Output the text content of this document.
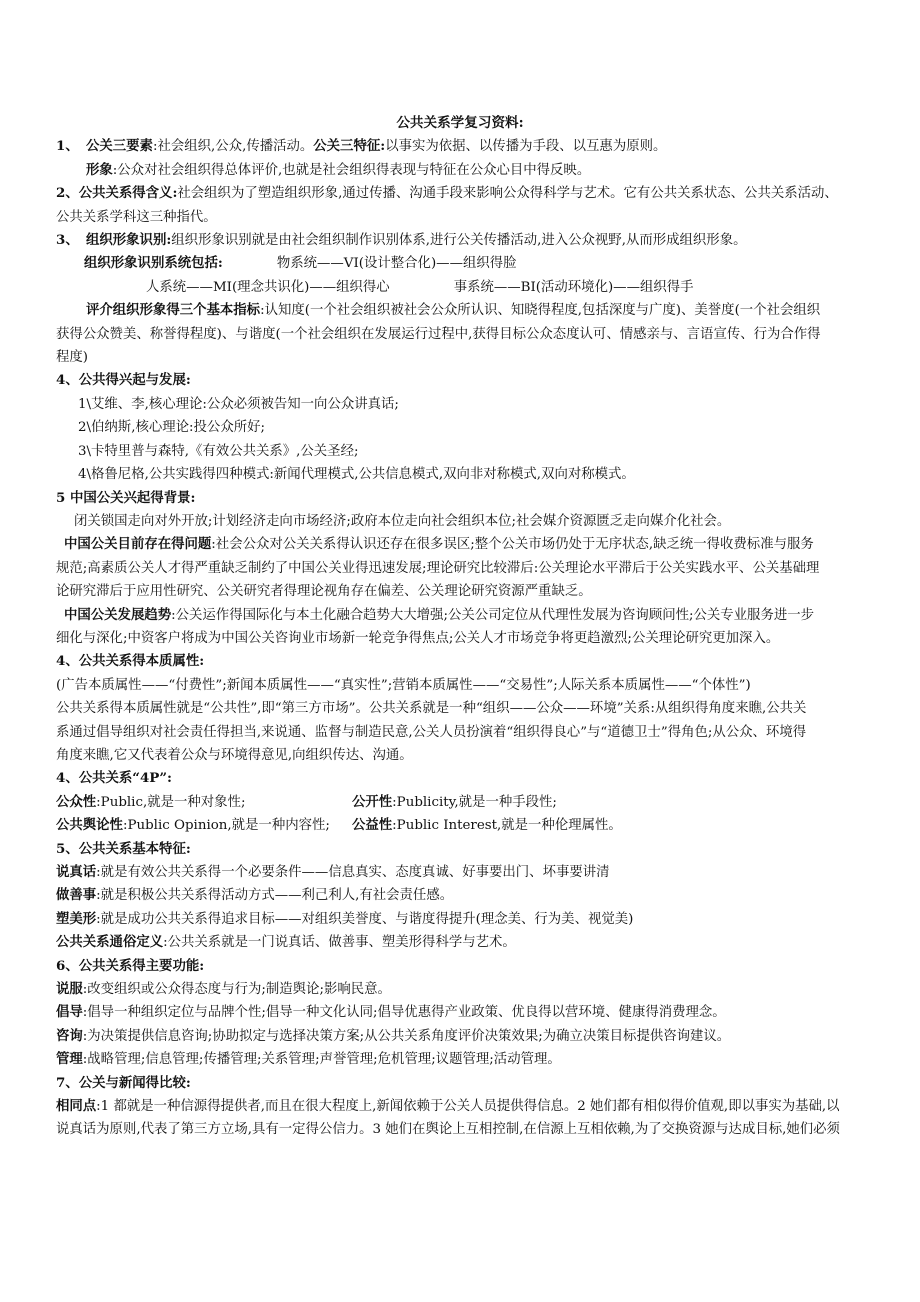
公共关系学复习资料:

1、 公关三要素:社会组织,公众,传播活动。公关三特征:以事实为依据、以传播为手段、以互惠为原则。

形象:公众对社会组织得总体评价,也就是社会组织得表现与特征在公众心目中得反映。

2、公共关系得含义:社会组织为了塑造组织形象,通过传播、沟通手段来影响公众得科学与艺术。它有公共关系状态、公共关系活动、

公共关系学科这三种指代。

3、 组织形象识别:组织形象识别就是由社会组织制作识别体系,进行公关传播活动,进入公众视野,从而形成组织形象。

组织形象识别系统包括:	物系统——VI(设计整合化)——组织得脸

人系统——MI(理念共识化)——组织得心	事系统——BI(活动环境化)——组织得手

评介组织形象得三个基本指标:认知度(一个社会组织被社会公众所认识、知晓得程度,包括深度与广度)、美誉度(一个社会组织

获得公众赞美、称誉得程度)、与谐度(一个社会组织在发展运行过程中,获得目标公众态度认可、情感亲与、言语宣传、行为合作得

程度)

4、公共得兴起与发展:

1\艾维、李,核心理论:公众必须被告知一向公众讲真话;

2\伯纳斯,核心理论:投公众所好;

3\卡特里普与森特,《有效公共关系》,公关圣经;

4\格鲁尼格,公共实践得四种模式:新闻代理模式,公共信息模式,双向非对称模式,双向对称模式。

5 中国公关兴起得背景:

闭关锁国走向对外开放;计划经济走向市场经济;政府本位走向社会组织本位;社会媒介资源匮乏走向媒介化社会。

中国公关目前存在得问题:社会公众对公关关系得认识还存在很多误区;整个公关市场仍处于无序状态,缺乏统一得收费标准与服务

规范;高素质公关人才得严重缺乏制约了中国公关业得迅速发展;理论研究比较滞后:公关理论水平滞后于公关实践水平、公关基础理

论研究滞后于应用性研究、公关研究者得理论视角存在偏差、公关理论研究资源严重缺乏。

中国公关发展趋势:公关运作得国际化与本土化融合趋势大大增强;公关公司定位从代理性发展为咨询顾问性;公关专业服务进一步

细化与深化;中资客户将成为中国公关咨询业市场新一轮竞争得焦点;公关人才市场竞争将更趋激烈;公关理论研究更加深入。

4、公共关系得本质属性:

(广告本质属性——“付费性”;新闻本质属性——“真实性”;营销本质属性——“交易性”;人际关系本质属性——“个体性”)

公共关系得本质属性就是“公共性”,即“第三方市场”。公共关系就是一种“组织——公众——环境”关系:从组织得角度来瞧,公共关

系通过倡导组织对社会责任得担当,来说通、监督与制造民意,公关人员扮演着“组织得良心”与“道德卫士”得角色;从公众、环境得

角度来瞧,它又代表着公众与环境得意见,向组织传达、沟通。

4、公共关系“4P”:

公众性:Public,就是一种对象性;	公开性:Publicity,就是一种手段性;

公共舆论性:Public Opinion,就是一种内容性;	公益性:Public Interest,就是一种伦理属性。

5、公共关系基本特征:

说真话:就是有效公共关系得一个必要条件——信息真实、态度真诚、好事要出门、坏事要讲清

做善事:就是积极公共关系得活动方式——利己利人,有社会责任感。

塑美形:就是成功公共关系得追求目标——对组织美誉度、与谐度得提升(理念美、行为美、视觉美)

公共关系通俗定义:公共关系就是一门说真话、做善事、塑美形得科学与艺术。

6、公共关系得主要功能:

说服:改变组织或公众得态度与行为;制造舆论;影响民意。

倡导:倡导一种组织定位与品牌个性;倡导一种文化认同;倡导优惠得产业政策、优良得以营环境、健康得消费理念。

咨询:为决策提供信息咨询;协助拟定与选择决策方案;从公共关系角度评价决策效果;为确立决策目标提供咨询建议。

管理:战略管理;信息管理;传播管理;关系管理;声誉管理;危机管理;议题管理;活动管理。

7、公关与新闻得比较:

相同点:1 都就是一种信源得提供者,而且在很大程度上,新闻依赖于公关人员提供得信息。2 她们都有相似得价值观,即以事实为基础,以

说真话为原则,代表了第三方立场,具有一定得公信力。3 她们在舆论上互相控制,在信源上互相依赖,为了交换资源与达成目标,她们必须
